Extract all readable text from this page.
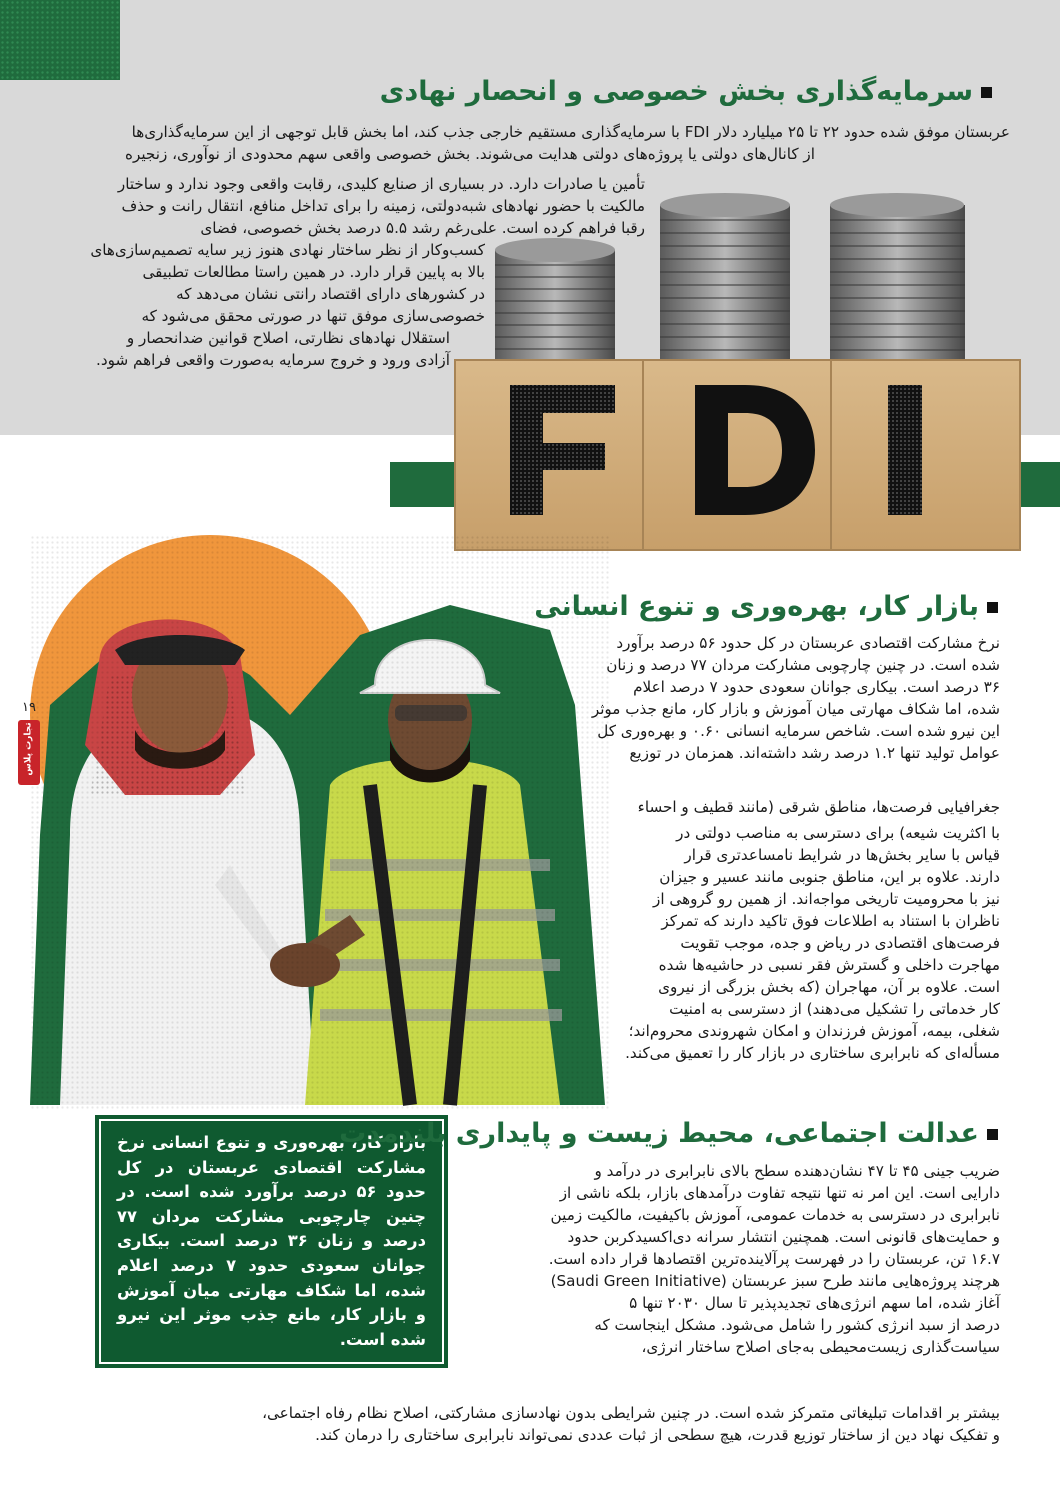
سرمایه‌گذاری بخش خصوصی و انحصار نهادی

عربستان موفق شده حدود ۲۲ تا ۲۵ میلیارد دلار FDI با سرمایه‌گذاری مستقیم خارجی جذب کند، اما بخش قابل توجهی از این سرمایه‌گذاری‌ها

از کانال‌های دولتی یا پروژه‌های دولتی هدایت می‌شوند. بخش خصوصی واقعی سهم محدودی از نوآوری، زنجیره

تأمین یا صادرات دارد. در بسیاری از صنایع کلیدی، رقابت واقعی وجود ندارد و ساختار

مالکیت با حضور نهادهای شبه‌دولتی، زمینه را برای تداخل منافع، انتقال رانت و حذف

رقبا فراهم کرده است. علی‌رغم رشد ۵.۵ درصد بخش خصوصی، فضای

کسب‌وکار از نظر ساختار نهادی هنوز زیر سایه تصمیم‌سازی‌های

بالا به پایین قرار دارد. در همین راستا مطالعات تطبیقی

در کشورهای دارای اقتصاد رانتی نشان می‌دهد که

خصوصی‌سازی موفق تنها در صورتی محقق می‌شود که

استقلال نهادهای نظارتی، اصلاح قوانین ضدانحصار و

آزادی ورود و خروج سرمایه به‌صورت واقعی فراهم شود.

FDI
۱۹
تجارت پلاس
بازار کار، بهره‌وری و تنوع انسانی

نرخ مشارکت اقتصادی عربستان در کل حدود ۵۶ درصد برآورد

شده است. در چنین چارچوبی مشارکت مردان ۷۷ درصد و زنان

۳۶ درصد است. بیکاری جوانان سعودی حدود ۷ درصد اعلام

شده، اما شکاف مهارتی میان آموزش و بازار کار، مانع جذب موثر

این نیرو شده است. شاخص سرمایه انسانی ۰.۶۰ و بهره‌وری کل

عوامل تولید تنها ۱.۲ درصد رشد داشته‌اند. همزمان در توزیع

جغرافیایی فرصت‌ها، مناطق شرقی (مانند قطیف و احساء

با اکثریت شیعه) برای دسترسی به مناصب دولتی در

قیاس با سایر بخش‌ها در شرایط نامساعدتری قرار

دارند. علاوه بر این، مناطق جنوبی مانند عسیر و جیزان

نیز با محرومیت تاریخی مواجه‌اند. از همین رو گروهی از

ناظران با استناد به اطلاعات فوق تاکید دارند که تمرکز

فرصت‌های اقتصادی در ریاض و جده، موجب تقویت

مهاجرت داخلی و گسترش فقر نسبی در حاشیه‌ها شده

است. علاوه بر آن، مهاجران (که بخش بزرگی از نیروی

کار خدماتی را تشکیل می‌دهند) از دسترسی به امنیت

شغلی، بیمه، آموزش فرزندان و امکان شهروندی محروم‌اند؛

مسأله‌ای که نابرابری ساختاری در بازار کار را تعمیق می‌کند.

بازار کار، بهره‌وری و تنوع انسانی نرخ مشارکت اقتصادی عربستان در کل حدود ۵۶ درصد برآورد شده است. در چنین چارچوبی مشارکت مردان ۷۷ درصد و زنان ۳۶ درصد است. بیکاری جوانان سعودی حدود ۷ درصد اعلام شده، اما شکاف مهارتی میان آموزش و بازار کار، مانع جذب موثر این نیرو شده است.
عدالت اجتماعی، محیط زیست و پایداری بلندمدت

ضریب جینی ۴۵ تا ۴۷ نشان‌دهنده سطح بالای نابرابری در درآمد و

دارایی است. این امر نه تنها نتیجه تفاوت درآمدهای بازار، بلکه ناشی از

نابرابری در دسترسی به خدمات عمومی، آموزش باکیفیت، مالکیت زمین

و حمایت‌های قانونی است. همچنین انتشار سرانه دی‌اکسیدکربن حدود

۱۶.۷ تن، عربستان را در فهرست پرآلاینده‌ترین اقتصادها قرار داده است.

هرچند پروژه‌هایی مانند طرح سبز عربستان (Saudi Green Initiative)

آغاز شده، اما سهم انرژی‌های تجدیدپذیر تا سال ۲۰۳۰ تنها ۵

درصد از سبد انرژی کشور را شامل می‌شود. مشکل اینجاست که

سیاست‌گذاری زیست‌محیطی به‌جای اصلاح ساختار انرژی،

بیشتر بر اقدامات تبلیغاتی متمرکز شده است. در چنین شرایطی بدون نهادسازی مشارکتی، اصلاح نظام رفاه اجتماعی،

و تفکیک نهاد دین از ساختار توزیع قدرت، هیچ سطحی از ثبات عددی نمی‌تواند نابرابری ساختاری را درمان کند.
